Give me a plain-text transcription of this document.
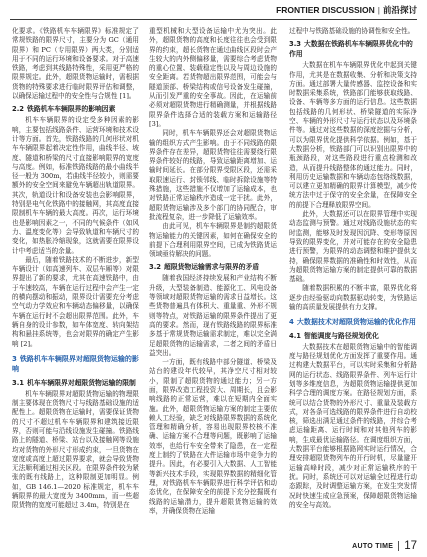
FRONTIER DISCUSSION | 前沿探讨

化要求。《铁路机车车辆限界》标准规定了常规铁路的限界尺寸，主要分为 GC（通用限界）和 PC（专用限界）两大类，分别适用于不同的运行环境和设备要求。对于高速铁路，考虑到其线路特殊性，采用更严格的限界规定。此外，超限货物运输时，需根据货物的特殊要求进行临时限界评估和调整，以确保运输过程中的安全性与合规性 [1]。

2.2 铁路机车车辆限界的影响因素

机车车辆限界的设定受多种因素的影响，主要包括线路条件、运营环境和技术设计等方面。首先，铁路线路的几何形状对机车车辆限界起着决定性作用，曲线半径、坡度、隧道和桥梁的尺寸直接影响限界的宽度与高度。例如，标准铁路线路的最小曲线半径一般为 300m，若曲线半径较小，则需要额外的安全空间来避免车辆超出轨道限界。其次，轨道设计和设备安装也会影响限界，特别是电气化铁路中的接触网，其高度直接限制机车车辆的最大高度。再次，运行环境也是影响因素之一，不同的气候条件（如风力、温度变化等）会导致轨道和车辆尺寸的变化，如热胀冷缩现象，这就需要在限界设计中考虑适当的余量。

最后，随着铁路技术的不断进步，新型车辆设计（如高速列车、双层车厢等）对限界提出了新的要求，尤其在高速铁路中，由于车速较高，车辆在运行过程中会产生一定的横向摆动和振动，限界设计需要充分考虑空气动力学效应和车辆动态偏移量，以确保车辆在运行时不会超出限界范围。此外，车辆自身的设计参数，如车体宽度、转向架结构和悬挂系统等，也会对限界的确定产生影响 [2]。

3 铁路机车车辆限界对超限货物运输的影响
3.1 机车车辆限界对超限货物运输的限制

机车车辆限界对超限货物运输的物理限制主要体现在货物尺寸与线路基础设施的适配性上。超限货物在运输时，需要保证货物的尺寸不超过机车车辆限界和建筑接近限界，否则可能与沿线设施发生碰撞。铁路线路上的隧道、桥梁、站台以及接触网等设施均对货物的外形尺寸形成约束，一旦货物在宽度或高度上超过限界要求，就会导致货物无法顺利通过相关区段。在限界条件较为紧张的既有线路上，这种限制更加明显。例如，GB 146.1—2020 标准规定，机车车辆限界的最大宽度为 3400mm，而一些超限货物的宽度可能超过 3.4m，特别是在

重型机械和大型设备运输中尤为突出。此外，超限货物的高度和长度往往也会受到限界的约束，超长货物在通过曲线区段时会产生较大的内外侧偏移量，需要综合考虑货物的重心位置、装载稳定性以及与周边设施的安全距离。若货物超出限界范围，可能会与隧道顶部、桥梁结构或信号设备发生碰撞，从而引发严重的安全事故。因此，在运输前必须对超限货物进行精确测量，并根据线路限界条件选择合适的装载方案和运输路径 [3]。

同时，机车车辆限界还会对超限货物运输的组织方式产生影响。由于不同线路的限界条件存在差异，超限货物往往需要绕行限界条件较好的线路，导致运输距离增加、运输时间延长。在部分限界受限区段，还需采取限速运行、封锁邻线、临时拆除设施等特殊措施，这些措施不仅增加了运输成本，也对铁路正常运输秩序造成一定干扰。此外，超限货物运输涉及多个部门的协同配合，审批流程复杂，进一步降低了运输效率。

由此可见，机车车辆限界是制约超限货物运输能力的关键因素，如何在确保安全的前提下合理利用限界空间，已成为铁路货运领域亟待解决的问题。

3.2 超限货物运输需求与限界的矛盾

随着我国经济持续发展和产业结构不断升级，大型装备制造、能源化工、风电设备等领域对超限货物运输的需求日益增长。这些货物普遍具有体积大、重量重、外形不规则等特点，对铁路运输的限界条件提出了更高的要求。然而，现有铁路线路的限界标准多基于常规货物运输需求制定，难以完全满足超限货物的运输需求，二者之间的矛盾日益突出。

一方面，既有线路中部分隧道、桥梁及站台的建设年代较早，其净空尺寸相对较小，限制了超限货物的通过能力；另一方面，限界改造工程投资大、周期长，且会影响线路的正常运营，难以在短期内全面实施。此外，超限货物运输方案的制定主要依赖人工经验，缺乏对线路限界数据的系统化管理和精确分析，容易出现限界校核不准确、运输方案不合理等问题，既影响了运输效率，也给行车安全带来了隐患，在一定程度上制约了铁路在大件运输市场中竞争力的提升。因此，有必要引入大数据、人工智能等新兴技术手段，实现限界数据的精细化管理，对铁路机车车辆限界进行科学评估和动态优化，在保障安全的前提下充分挖掘既有线路的运输潜力，提升超限货物运输的效率，并确保货物在运输

过程中与铁路基础设施的协调性和安全性。

3.3 大数据在铁路机车车辆限界优化中的作用

大数据在机车车辆限界优化中起到关键作用，尤其是在数据收集、分析和决策支持方面。通过部署大量传感器、监控设备和实时数据采集系统，铁路部门能够获取线路、设备、车辆等多方面的运行信息。这些数据包括线路的几何形状、桥梁隧道的实际净空、车辆的外形尺寸与运行状态以及环境条件等。通过对这些数据的深度挖掘与分析，可以为限界优化提供科学依据。例如，基于大数据分析，铁路部门可以识别出限界中的瓶颈路段，对这些路段进行重点检测和改造，从而提升线路整体的通过能力。同时，利用历史运输数据和车辆动态包络线数据，可以建立更加精确的限界计算模型，减少传统方法中过于保守的安全余量，在保障安全的前提下合理释放限界空间。

此外，大数据还可以在限界管理中实现动态监测与预警。通过对线路设施状态的实时监测，能够及时发现因沉降、变形等原因导致的限界变化，并对可能存在的安全隐患进行预警，为限界的动态调整和维护提供支持，确保限界数据的准确性和时效性，从而为超限货物运输方案的制定提供可靠的数据基础。

随着数据积累的不断丰富，限界优化将逐步由经验驱动向数据驱动转变，为铁路运输的高质量发展提供有力支撑。

4 大数据技术对超限货物运输的优化作用
4.1 智能调度与路径规划优化

大数据技术在超限货物运输中的智能调度与路径规划优化方面发挥了重要作用。通过构建大数据平台，可以实时采集和分析路网的运行状态、线路限界条件、列车运行计划等多维度信息，为超限货物运输提供更加科学合理的调度方案。在路径规划方面，系统可以结合货物的外形尺寸、重量及装载方式，对各条可选线路的限界条件进行自动校核，筛选出满足通过条件的线路，并综合考虑运输距离、运行时间和对其他列车的影响，生成最优运输路径。在调度组织方面，大数据平台能够根据路网实时运行情况，合理安排超限货物列车的开行时机，尽量避开运输高峰时段，减少对正常运输秩序的干扰。同时，系统还可以对运输全过程进行动态跟踪，及时调整运输方案，在发生突发情况时快速生成应急预案，保障超限货物运输的安全与高效。

AUTO TIME 17
